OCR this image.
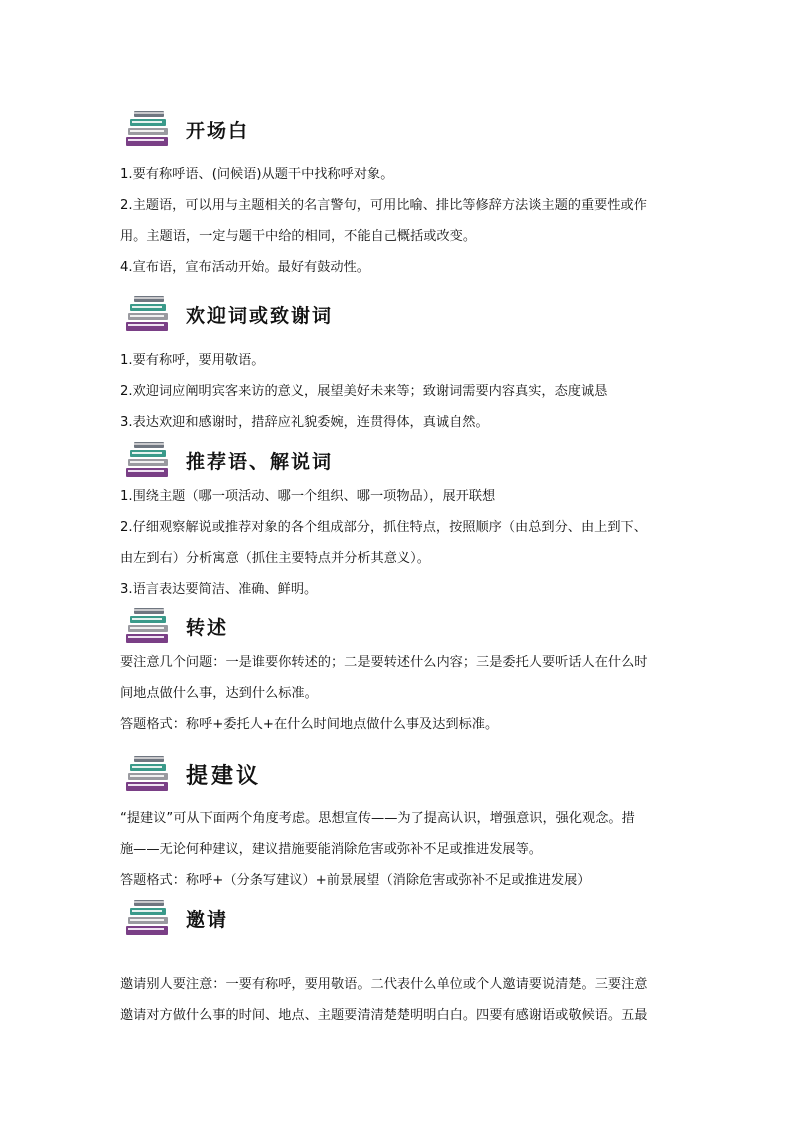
开场白

1.要有称呼语、(问候语)从题干中找称呼对象。

2.主题语，可以用与主题相关的名言警句，可用比喻、排比等修辞方法谈主题的重要性或作

用。主题语，一定与题干中给的相同，不能自己概括或改变。

4.宣布语，宣布活动开始。最好有鼓动性。

欢迎词或致谢词

1.要有称呼，要用敬语。

2.欢迎词应阐明宾客来访的意义，展望美好未来等；致谢词需要内容真实，态度诚恳

3.表达欢迎和感谢时，措辞应礼貌委婉，连贯得体，真诚自然。

推荐语、解说词

1.围绕主题（哪一项活动、哪一个组织、哪一项物品），展开联想

2.仔细观察解说或推荐对象的各个组成部分，抓住特点，按照顺序（由总到分、由上到下、

由左到右）分析寓意（抓住主要特点并分析其意义）。

3.语言表达要简洁、准确、鲜明。

转述

要注意几个问题：一是谁要你转述的；二是要转述什么内容；三是委托人要听话人在什么时

间地点做什么事，达到什么标准。

答题格式：称呼+委托人+在什么时间地点做什么事及达到标准。

提建议

“提建议”可从下面两个角度考虑。思想宣传——为了提高认识，增强意识，强化观念。措

施——无论何种建议，建议措施要能消除危害或弥补不足或推进发展等。

答题格式：称呼+（分条写建议）+前景展望（消除危害或弥补不足或推进发展）

邀请

邀请别人要注意：一要有称呼，要用敬语。二代表什么单位或个人邀请要说清楚。三要注意

邀请对方做什么事的时间、地点、主题要清清楚楚明明白白。四要有感谢语或敬候语。五最
